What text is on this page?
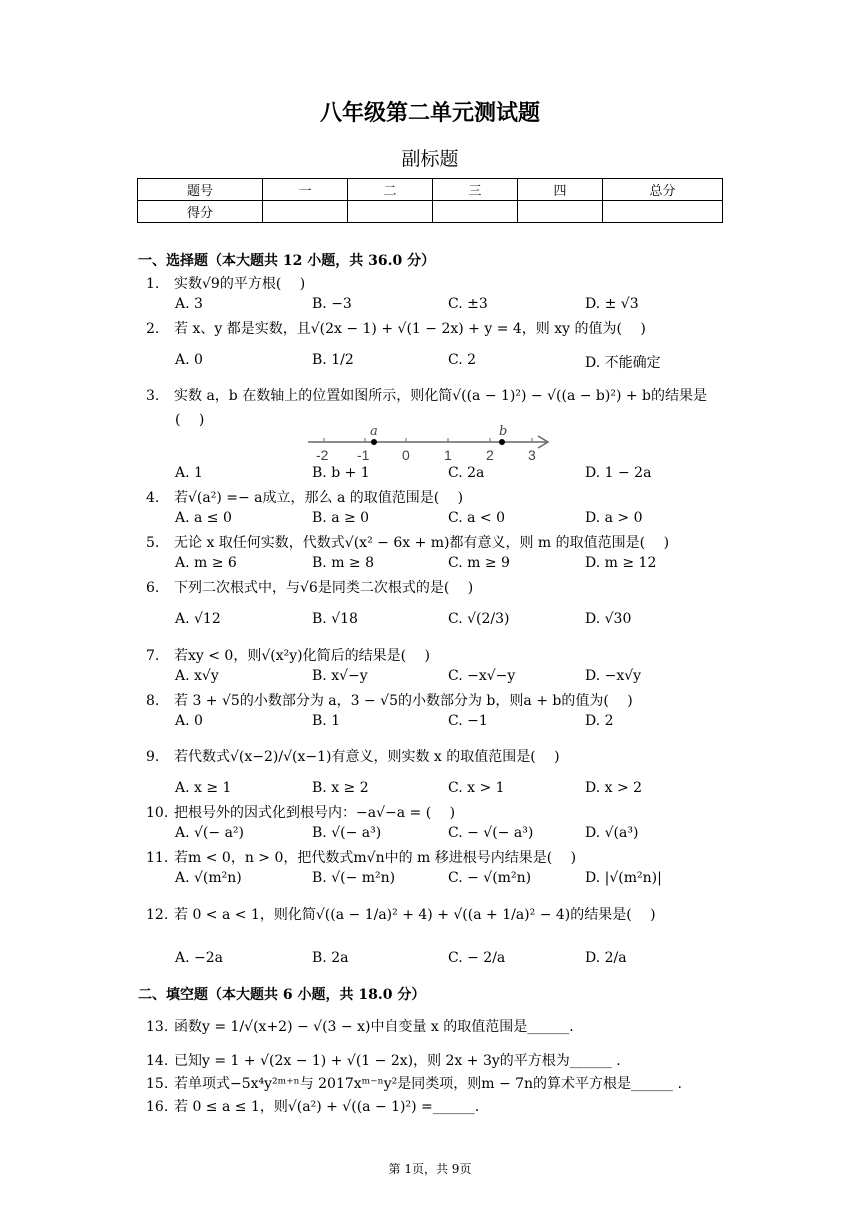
八年级第二单元测试题
副标题
题号	一	二	三	四	总分
得分					
一、选择题（本大题共 12 小题，共 36.0 分）
1. 实数√9的平方根(　 )
A. 3	B. −3	C. ±3	D. ± √3
2. 若 x、y 都是实数，且√(2x − 1) + √(1 − 2x) + y = 4，则 xy 的值为(　 )
A. 0	B. 1/2	C. 2	D. 不能确定
3. 实数 a，b 在数轴上的位置如图所示，则化简√((a − 1)²) − √((a − b)²) + b的结果是
(　 )
-2 -1 0 1 2 3
a	b
A. 1	B. b + 1	C. 2a	D. 1 − 2a
4. 若√(a²) =− a成立，那么 a 的取值范围是(　 )
A. a ≤ 0	B. a ≥ 0	C. a < 0	D. a > 0
5. 无论 x 取任何实数，代数式√(x² − 6x + m)都有意义，则 m 的取值范围是(　 )
A. m ≥ 6	B. m ≥ 8	C. m ≥ 9	D. m ≥ 12
6. 下列二次根式中，与√6是同类二次根式的是(　 )
A. √12	B. √18	C. √(2/3)	D. √30
7. 若xy < 0，则√(x²y)化简后的结果是(　 )
A. x√y	B. x√−y	C. −x√−y	D. −x√y
8. 若 3 + √5的小数部分为 a，3 − √5的小数部分为 b，则a + b的值为(　 )
A. 0	B. 1	C. −1	D. 2
9. 若代数式√(x−2)/√(x−1)有意义，则实数 x 的取值范围是(　 )
A. x ≥ 1	B. x ≥ 2	C. x > 1	D. x > 2
10. 把根号外的因式化到根号内：−a√−a = (　 )
A. √(− a²)	B. √(− a³)	C. − √(− a³)	D. √(a³)
11. 若m < 0，n > 0，把代数式m√n中的 m 移进根号内结果是(　 )
A. √(m²n)	B. √(− m²n)	C. − √(m²n)	D. |√(m²n)|
12. 若 0 < a < 1，则化简√((a − 1/a)² + 4) + √((a + 1/a)² − 4)的结果是(　 )
A. −2a	B. 2a	C. − 2/a	D. 2/a
二、填空题（本大题共 6 小题，共 18.0 分）
13. 函数y = 1/√(x+2) − √(3 − x)中自变量 x 的取值范围是______.
14. 已知y = 1 + √(2x − 1) + √(1 − 2x)，则 2x + 3y的平方根为______ .
15. 若单项式−5x⁴y²ᵐ⁺ⁿ与 2017xᵐ⁻ⁿy²是同类项，则m − 7n的算术平方根是______ .
16. 若 0 ≤ a ≤ 1，则√(a²) + √((a − 1)²) =______.
第 1页，共 9页
